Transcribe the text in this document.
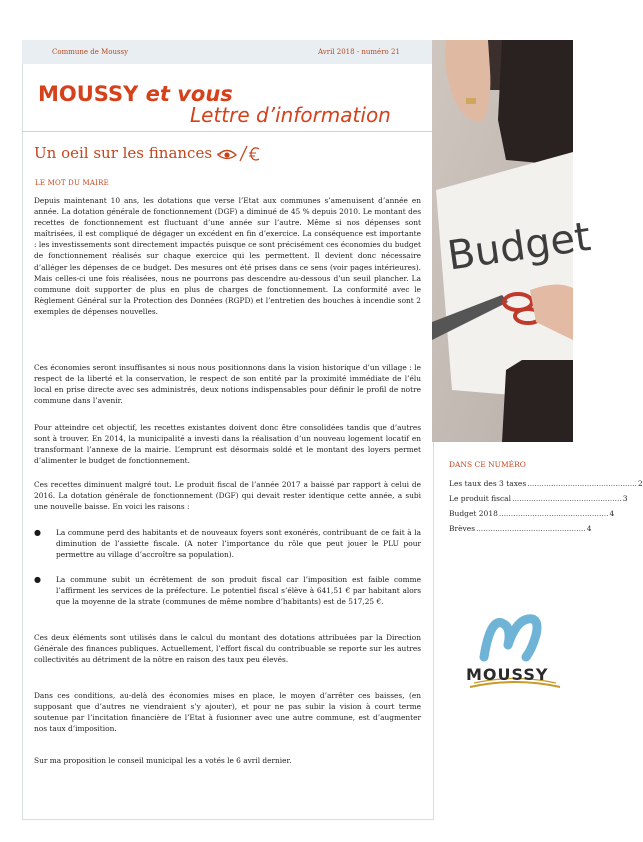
Commune de Moussy	Avril 2018 - numéro 21
MOUSSY et vous
Lettre d’information
Un oeil sur les finances -
LE MOT DU MAIRE

Depuis maintenant 10 ans, les dotations que verse l’Etat aux communes s’amenuisent d’année en année. La dotation générale de fonctionnement (DGF) a diminué de 45 % depuis 2010. Le montant des recettes de fonctionnement est fluctuant d’une année sur l’autre. Même si nos dépenses sont maîtrisées, il est compliqué de dégager un excédent en fin d’exercice. La conséquence est importante : les investissements sont directement impactés puisque ce sont précisément ces économies du budget de fonctionnement réalisés sur chaque exercice qui les permettent. Il devient donc nécessaire d’alléger les dépenses de ce budget. Des mesures ont été prises dans ce sens (voir pages intérieures). Mais celles-ci une fois réalisées, nous ne pourrons pas descendre au-dessous d’un seuil plancher. La commune doit supporter de plus en plus de charges de fonctionnement. La conformité avec le Règlement Général sur la Protection des Données (RGPD) et l’entretien des bouches à incendie sont 2 exemples de dépenses nouvelles.

Ces économies seront insuffisantes si nous nous positionnons dans la vision historique d’un village : le respect de la liberté et la conservation, le respect de son entité par la proximité immédiate de l’élu local en prise directe avec ses administrés, deux notions indispensables pour définir le profil de notre commune dans l’avenir.

Pour atteindre cet objectif, les recettes existantes doivent donc être consolidées tandis que d’autres sont à trouver. En 2014, la municipalité a investi dans la réalisation d’un nouveau logement locatif en transformant l’annexe de la mairie. L’emprunt est désormais soldé et le montant des loyers permet d’alimenter le budget de fonctionnement.

Ces recettes diminuent malgré tout. Le produit fiscal de l’année 2017 a baissé par rapport à celui de 2016. La dotation générale de fonctionnement (DGF) qui devait rester identique cette année, a subi une nouvelle baisse. En voici les raisons :

●	La commune perd des habitants et de nouveaux foyers sont exonérés, contribuant de ce fait à la diminution de l’assiette fiscale. (A noter l’importance du rôle que peut jouer le PLU pour permettre au village d’accroître sa population).

●	La commune subit un écrêtement de son produit fiscal car l’imposition est faible comme l’affirment les services de la préfecture. Le potentiel fiscal s’élève à 641,51 € par habitant alors que la moyenne de la strate (communes de même nombre d’habitants) est de 517,25 €.

Ces deux éléments sont utilisés dans le calcul du montant des dotations attribuées par la Direction Générale des finances publiques. Actuellement, l’effort fiscal du contribuable se reporte sur les autres collectivités au détriment de la nôtre en raison des taux peu élevés.

Dans ces conditions, au-delà des économies mises en place, le moyen d’arrêter ces baisses, (en supposant que d’autres ne viendraient s’y ajouter), et pour ne pas subir la vision à court terme soutenue par l’incitation financière de l’Etat à fusionner avec une autre commune, est d’augmenter nos taux d’imposition.

Sur ma proposition le conseil municipal les a votés le 6 avril dernier.

Budget
DANS CE NUMÉRO
Les taux des 3 taxes .............................................. 2
Le produit fiscal .............................................. 3
Budget 2018 .............................................. 4
Brèves .............................................. 4
MOUSSY
